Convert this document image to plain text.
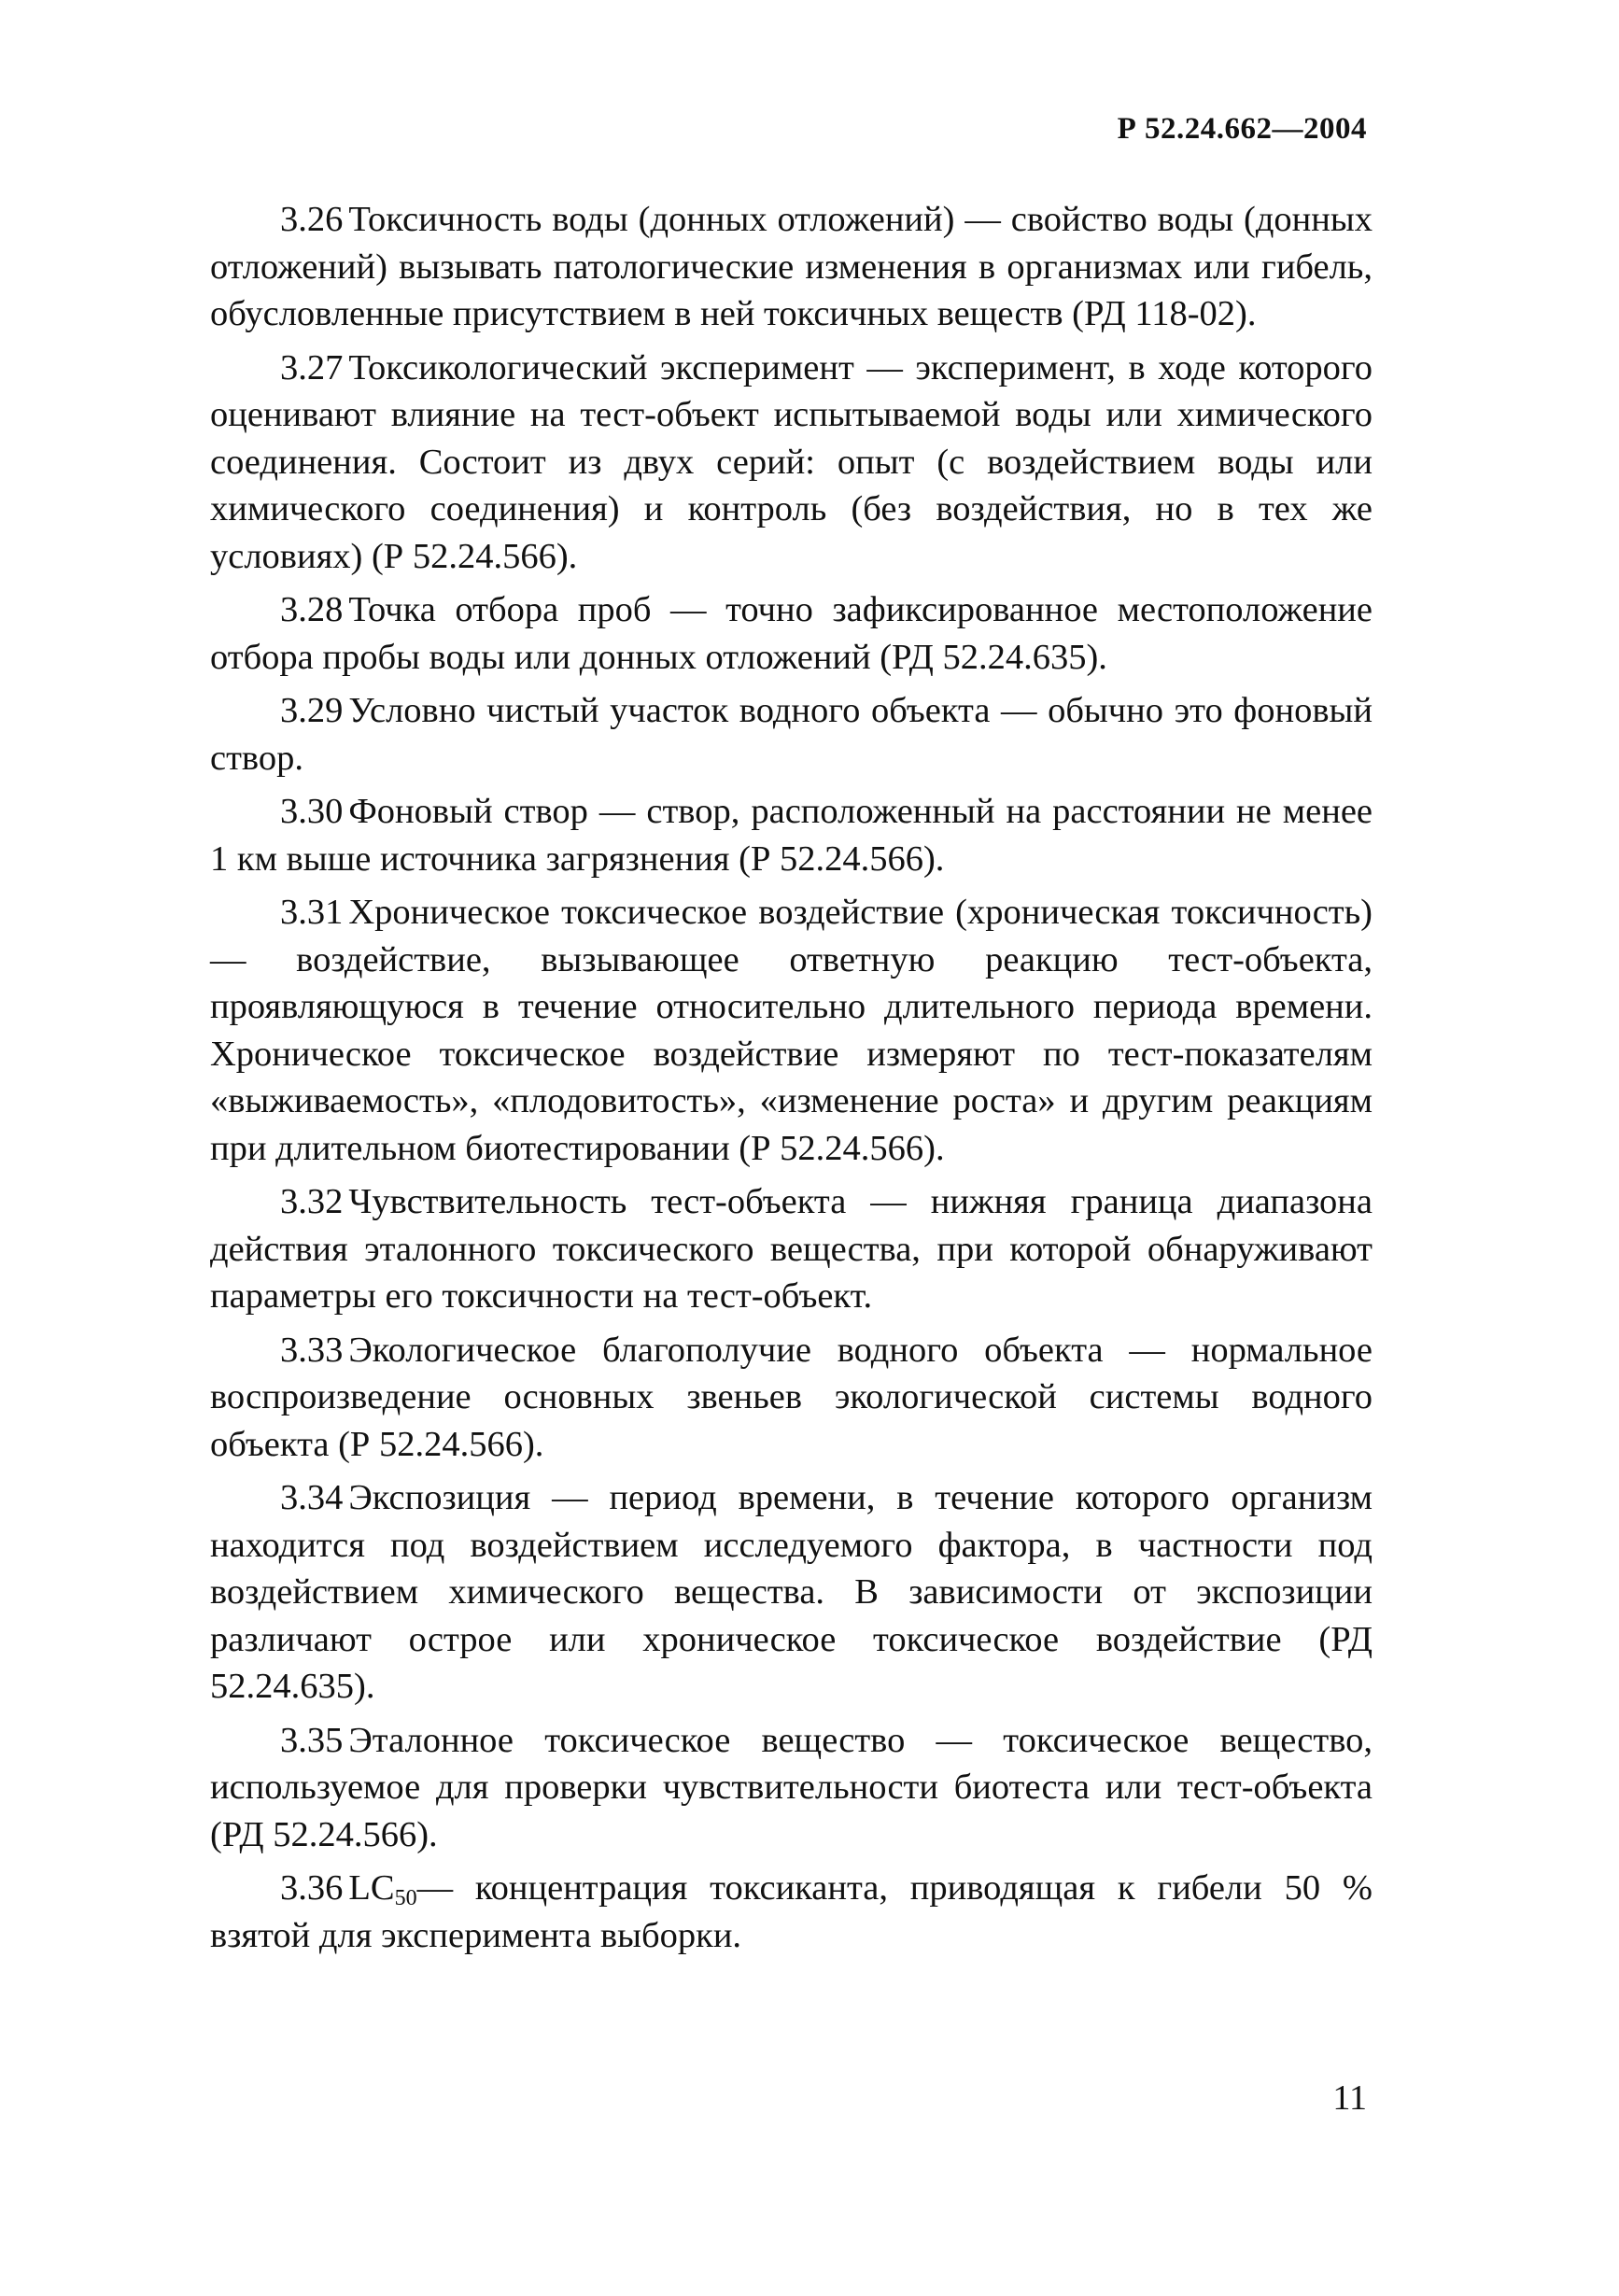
Р 52.24.662—2004

3.26 Токсичность воды (донных отложений) — свойство воды (донных отложений) вызывать патологические изменения в организмах или гибель, обусловленные присутствием в ней токсичных веществ (РД 118-02).

3.27 Токсикологический эксперимент — эксперимент, в ходе которого оценивают влияние на тест-объект испытываемой воды или химического соединения. Состоит из двух серий: опыт (с воздействием воды или химического соединения) и контроль (без воздействия, но в тех же условиях) (Р 52.24.566).

3.28 Точка отбора проб — точно зафиксированное местоположение отбора пробы воды или донных отложений (РД 52.24.635).

3.29 Условно чистый участок водного объекта — обычно это фоновый створ.

3.30 Фоновый створ — створ, расположенный на расстоянии не менее 1 км выше источника загрязнения (Р 52.24.566).

3.31 Хроническое токсическое воздействие (хроническая токсичность) — воздействие, вызывающее ответную реакцию тест-объекта, проявляющуюся в течение относительно длительного периода времени. Хроническое токсическое воздействие измеряют по тест-показателям «выживаемость», «плодовитость», «изменение роста» и другим реакциям при длительном биотестировании (Р 52.24.566).

3.32 Чувствительность тест-объекта — нижняя граница диапазона действия эталонного токсического вещества, при которой обнаруживают параметры его токсичности на тест-объект.

3.33 Экологическое благополучие водного объекта — нормальное воспроизведение основных звеньев экологической системы водного объекта (Р 52.24.566).

3.34 Экспозиция — период времени, в течение которого организм находится под воздействием исследуемого фактора, в частности под воздействием химического вещества. В зависимости от экспозиции различают острое или хроническое токсическое воздействие (РД 52.24.635).

3.35 Эталонное токсическое вещество — токсическое вещество, используемое для проверки чувствительности биотеста или тест-объекта (РД 52.24.566).

3.36 $LC_{50}—$ концентрация токсиканта, приводящая к гибели 50 % взятой для эксперимента выборки.

11
